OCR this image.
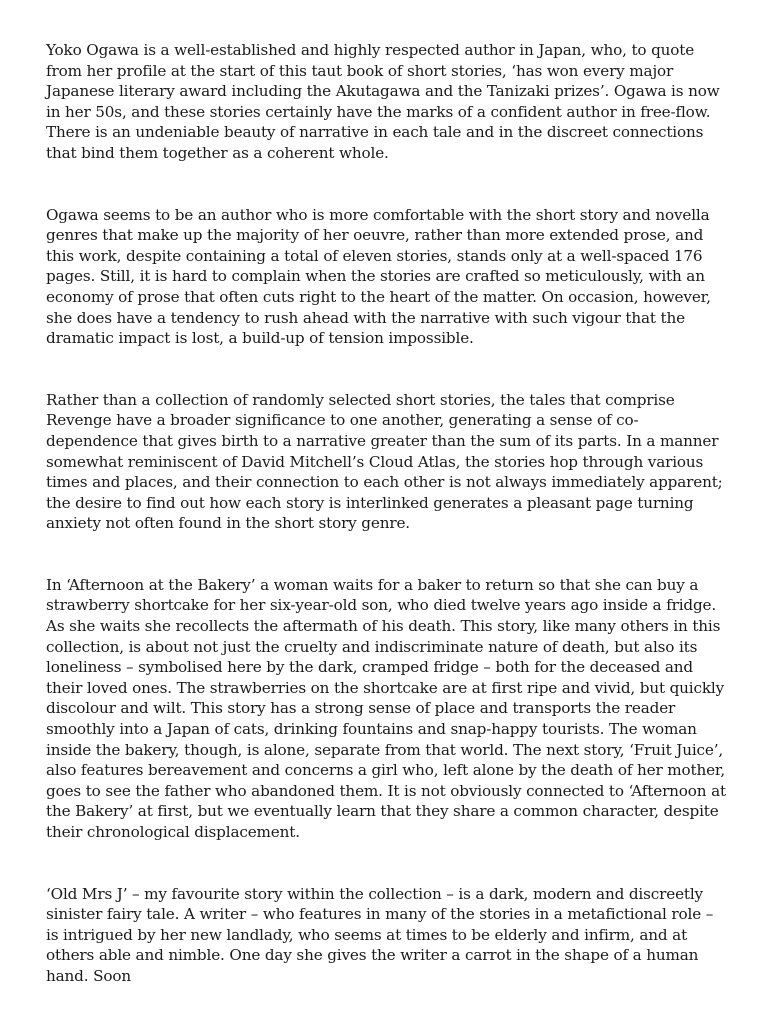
Yoko Ogawa is a well-established and highly respected author in Japan, who, to quote from her profile at the start of this taut book of short stories, ‘has won every major Japanese literary award including the Akutagawa and the Tanizaki prizes’. Ogawa is now in her 50s, and these stories certainly have the marks of a confident author in free-flow. There is an undeniable beauty of narrative in each tale and in the discreet connections that bind them together as a coherent whole.

Ogawa seems to be an author who is more comfortable with the short story and novella genres that make up the majority of her oeuvre, rather than more extended prose, and this work, despite containing a total of eleven stories, stands only at a well-spaced 176 pages. Still, it is hard to complain when the stories are crafted so meticulously, with an economy of prose that often cuts right to the heart of the matter. On occasion, however, she does have a tendency to rush ahead with the narrative with such vigour that the dramatic impact is lost, a build-up of tension impossible.

Rather than a collection of randomly selected short stories, the tales that comprise Revenge have a broader significance to one another, generating a sense of co-dependence that gives birth to a narrative greater than the sum of its parts. In a manner somewhat reminiscent of David Mitchell’s Cloud Atlas, the stories hop through various times and places, and their connection to each other is not always immediately apparent; the desire to find out how each story is interlinked generates a pleasant page turning anxiety not often found in the short story genre.

In ‘Afternoon at the Bakery’ a woman waits for a baker to return so that she can buy a strawberry shortcake for her six-year-old son, who died twelve years ago inside a fridge. As she waits she recollects the aftermath of his death. This story, like many others in this collection, is about not just the cruelty and indiscriminate nature of death, but also its loneliness – symbolised here by the dark, cramped fridge – both for the deceased and their loved ones. The strawberries on the shortcake are at first ripe and vivid, but quickly discolour and wilt. This story has a strong sense of place and transports the reader smoothly into a Japan of cats, drinking fountains and snap-happy tourists. The woman inside the bakery, though, is alone, separate from that world. The next story, ‘Fruit Juice’, also features bereavement and concerns a girl who, left alone by the death of her mother, goes to see the father who abandoned them. It is not obviously connected to ‘Afternoon at the Bakery’ at first, but we eventually learn that they share a common character, despite their chronological displacement.

‘Old Mrs J’ – my favourite story within the collection – is a dark, modern and discreetly sinister fairy tale. A writer – who features in many of the stories in a metafictional role – is intrigued by her new landlady, who seems at times to be elderly and infirm, and at others able and nimble. One day she gives the writer a carrot in the shape of a human hand. Soon
